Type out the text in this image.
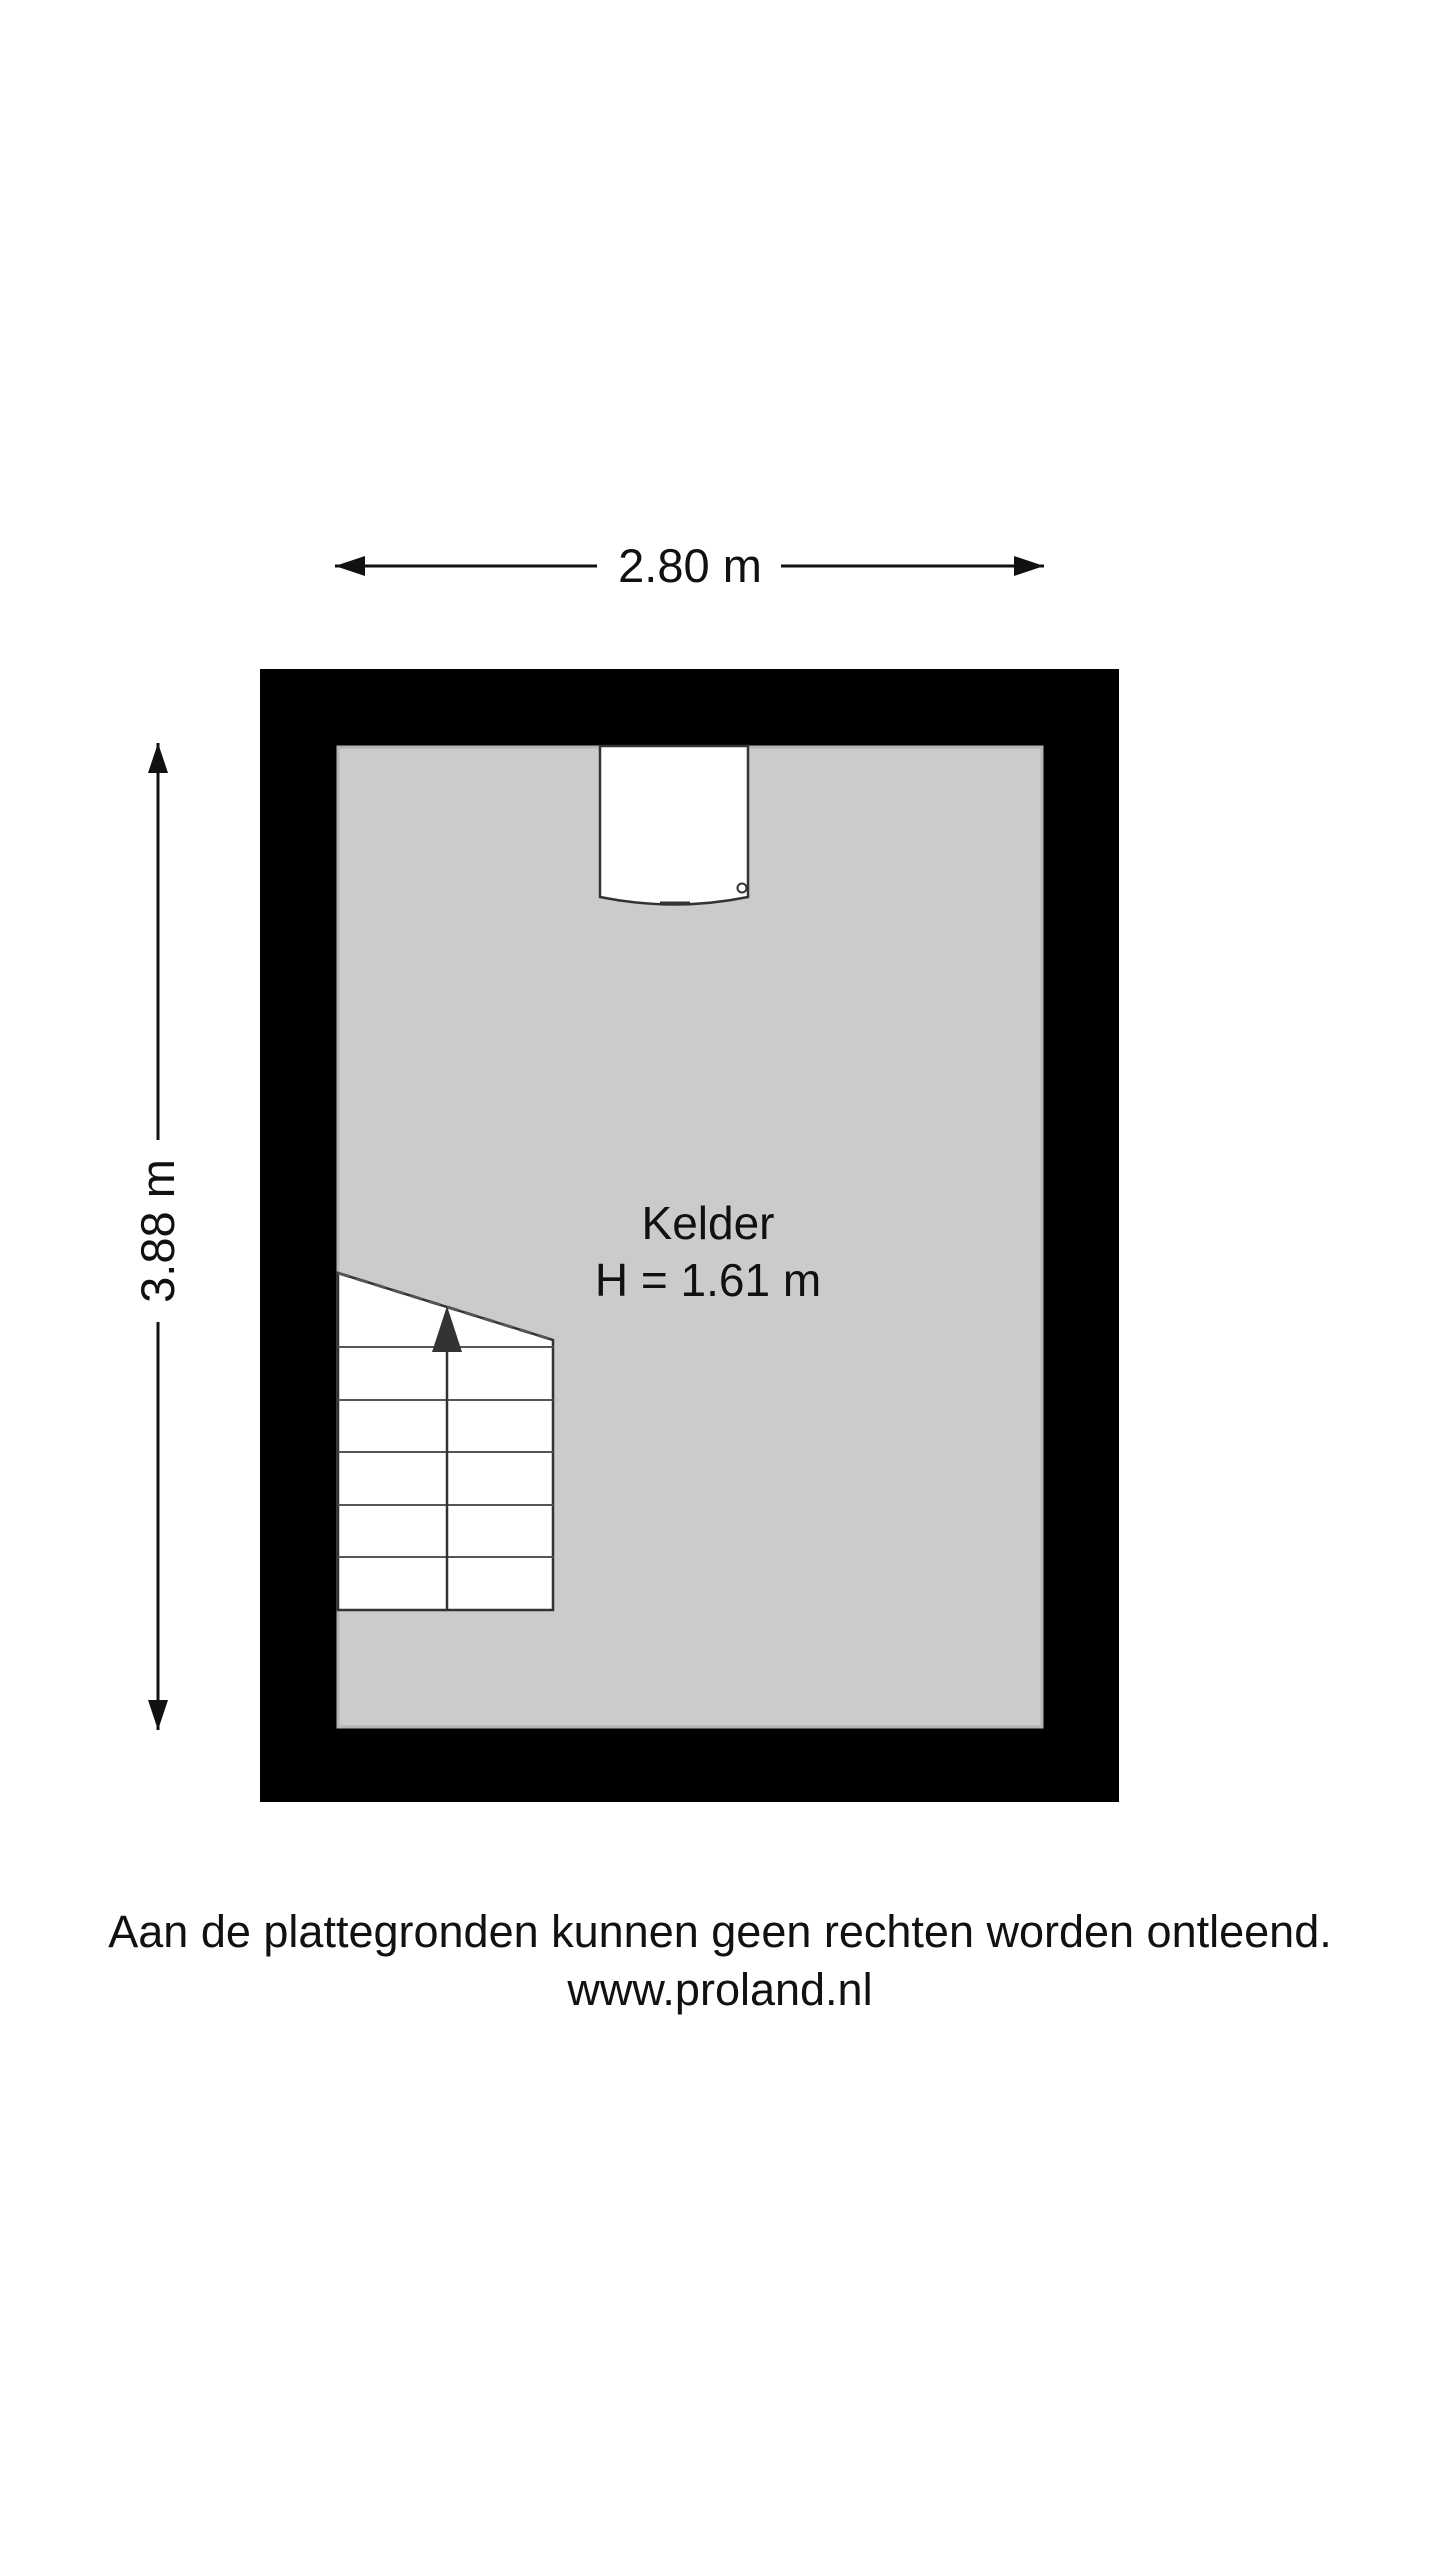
2.80 m
3.88 m	Kelder
H = 1.61 m
Aan de plattegronden kunnen geen rechten worden ontleend.
www.proland.nl
